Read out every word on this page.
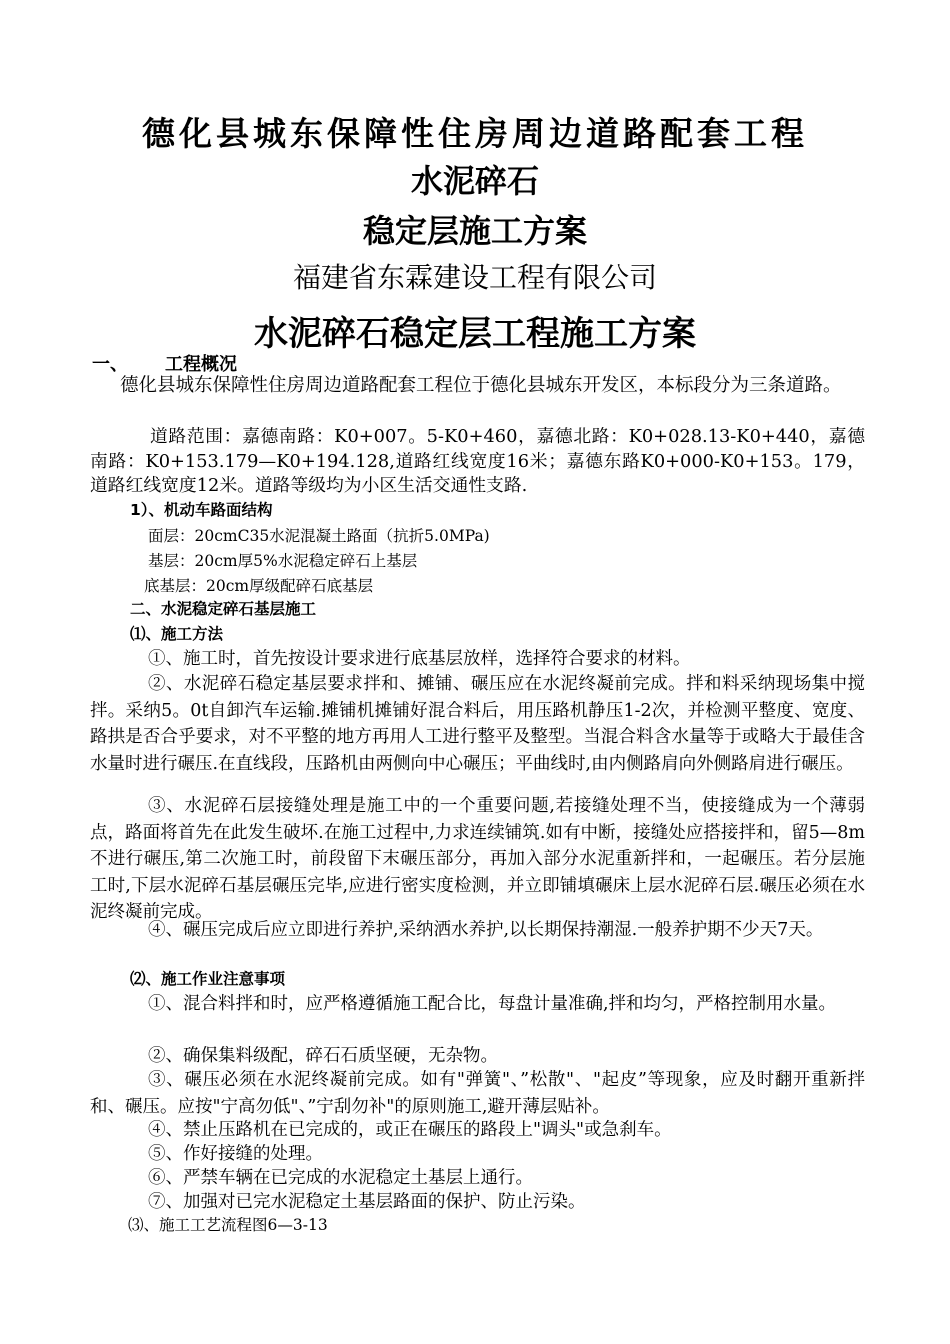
德化县城东保障性住房周边道路配套工程
水泥碎石
稳定层施工方案
福建省东霖建设工程有限公司
水泥碎石稳定层工程施工方案
一、 工程概况
德化县城东保障性住房周边道路配套工程位于德化县城东开发区，本标段分为三条道路。
道路范围：嘉德南路：K0+007。5-K0+460，嘉德北路：K0+028.13-K0+440，嘉德南路：K0+153.179—K0+194.128,道路红线宽度16米；嘉德东路K0+000-K0+153。179，道路红线宽度12米。道路等级均为小区生活交通性支路.
1）、机动车路面结构
面层：20cmC35水泥混凝土路面（抗折5.0MPa)
基层：20cm厚5%水泥稳定碎石上基层
底基层：20cm厚级配碎石底基层
二、水泥稳定碎石基层施工
⑴、施工方法
①、施工时，首先按设计要求进行底基层放样，选择符合要求的材料。
②、水泥碎石稳定基层要求拌和、摊铺、碾压应在水泥终凝前完成。拌和料采纳现场集中搅拌。采纳5。0t自卸汽车运输.摊铺机摊铺好混合料后，用压路机静压1-2次，并检测平整度、宽度、路拱是否合乎要求，对不平整的地方再用人工进行整平及整型。当混合料含水量等于或略大于最佳含水量时进行碾压.在直线段，压路机由两侧向中心碾压；平曲线时,由内侧路肩向外侧路肩进行碾压。
③、水泥碎石层接缝处理是施工中的一个重要问题,若接缝处理不当，使接缝成为一个薄弱点，路面将首先在此发生破坏.在施工过程中,力求连续铺筑.如有中断，接缝处应搭接拌和，留5—8m不进行碾压,第二次施工时，前段留下末碾压部分，再加入部分水泥重新拌和，一起碾压。若分层施工时,下层水泥碎石基层碾压完毕,应进行密实度检测，并立即铺填碾床上层水泥碎石层.碾压必须在水泥终凝前完成。
④、碾压完成后应立即进行养护,采纳洒水养护,以长期保持潮湿.一般养护期不少天7天。
⑵、施工作业注意事项
①、混合料拌和时，应严格遵循施工配合比，每盘计量准确,拌和均匀，严格控制用水量。
②、确保集料级配，碎石石质坚硬，无杂物。
③、碾压必须在水泥终凝前完成。如有"弹簧"、”松散"、"起皮”等现象，应及时翻开重新拌和、碾压。应按"宁高勿低"、”宁刮勿补"的原则施工,避开薄层贴补。
④、禁止压路机在已完成的，或正在碾压的路段上"调头"或急刹车。
⑤、作好接缝的处理。
⑥、严禁车辆在已完成的水泥稳定土基层上通行。
⑦、加强对已完水泥稳定土基层路面的保护、防止污染。
⑶、施工工艺流程图6—3-13
